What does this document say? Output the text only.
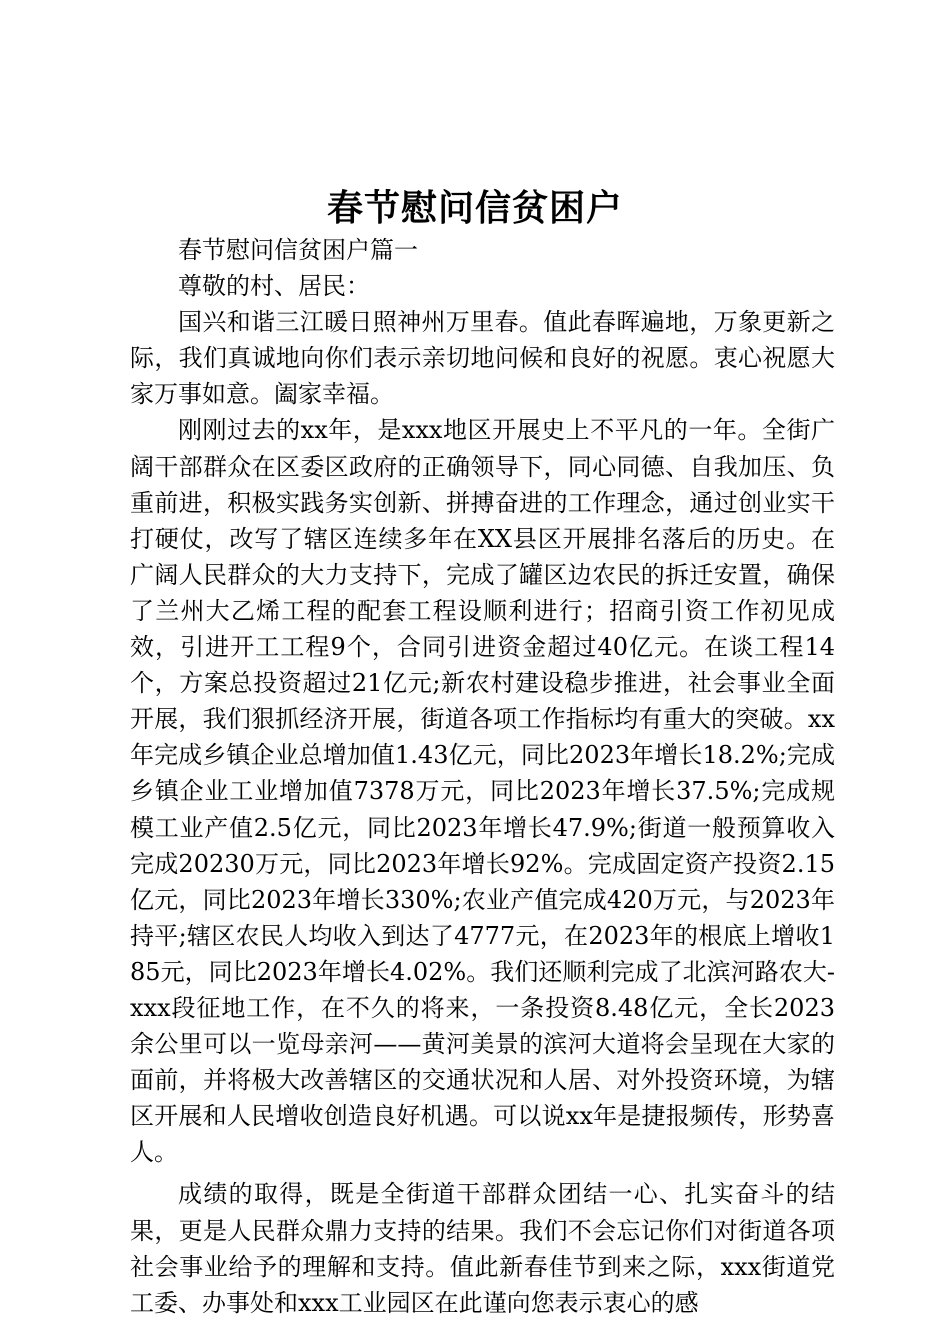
春节慰问信贫困户

春节慰问信贫困户篇一

尊敬的村、居民：

国兴和谐三江暖日照神州万里春。值此春晖遍地，万象更新之际，我们真诚地向你们表示亲切地问候和良好的祝愿。衷心祝愿大家万事如意。阖家幸福。

刚刚过去的xx年，是xxx地区开展史上不平凡的一年。全街广阔干部群众在区委区政府的正确领导下，同心同德、自我加压、负重前进，积极实践务实创新、拼搏奋进的工作理念，通过创业实干打硬仗，改写了辖区连续多年在XX县区开展排名落后的历史。在广阔人民群众的大力支持下，完成了罐区边农民的拆迁安置，确保了兰州大乙烯工程的配套工程设顺利进行；招商引资工作初见成效，引进开工工程9个，合同引进资金超过40亿元。在谈工程14个，方案总投资超过21亿元;新农村建设稳步推进，社会事业全面开展，我们狠抓经济开展，街道各项工作指标均有重大的突破。xx年完成乡镇企业总增加值1.43亿元，同比2023年增长18.2%;完成乡镇企业工业增加值7378万元，同比2023年增长37.5%;完成规模工业产值2.5亿元，同比2023年增长47.9%;街道一般预算收入完成20230万元，同比2023年增长92%。完成固定资产投资2.15亿元，同比2023年增长330%;农业产值完成420万元，与2023年持平;辖区农民人均收入到达了4777元，在2023年的根底上增收185元，同比2023年增长4.02%。我们还顺利完成了北滨河路农大-xxx段征地工作，在不久的将来，一条投资8.48亿元，全长2023余公里可以一览母亲河——黄河美景的滨河大道将会呈现在大家的面前，并将极大改善辖区的交通状况和人居、对外投资环境，为辖区开展和人民增收创造良好机遇。可以说xx年是捷报频传，形势喜人。

成绩的取得，既是全街道干部群众团结一心、扎实奋斗的结果，更是人民群众鼎力支持的结果。我们不会忘记你们对街道各项社会事业给予的理解和支持。值此新春佳节到来之际，xxx街道党工委、办事处和xxx工业园区在此谨向您表示衷心的感
